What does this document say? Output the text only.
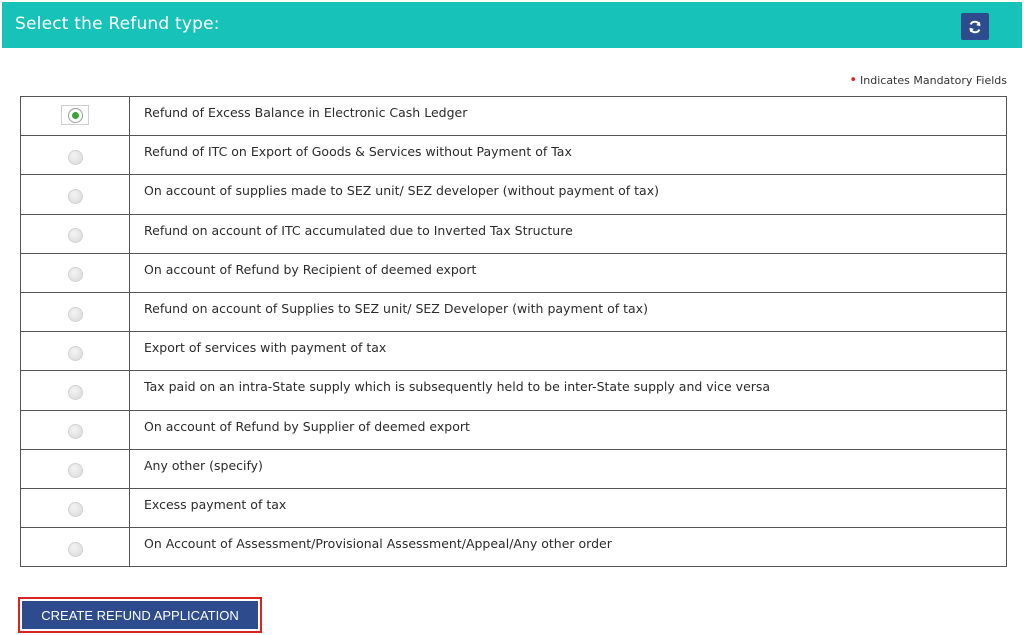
Select the Refund type:
• Indicates Mandatory Fields
	Refund of Excess Balance in Electronic Cash Ledger

	Refund of ITC on Export of Goods & Services without Payment of Tax

	On account of supplies made to SEZ unit/ SEZ developer (without payment of tax)

	Refund on account of ITC accumulated due to Inverted Tax Structure

	On account of Refund by Recipient of deemed export

	Refund on account of Supplies to SEZ unit/ SEZ Developer (with payment of tax)

	Export of services with payment of tax

	Tax paid on an intra-State supply which is subsequently held to be inter-State supply and vice versa

	On account of Refund by Supplier of deemed export

	Any other (specify)

	Excess payment of tax

	On Account of Assessment/Provisional Assessment/Appeal/Any other order
CREATE REFUND APPLICATION
